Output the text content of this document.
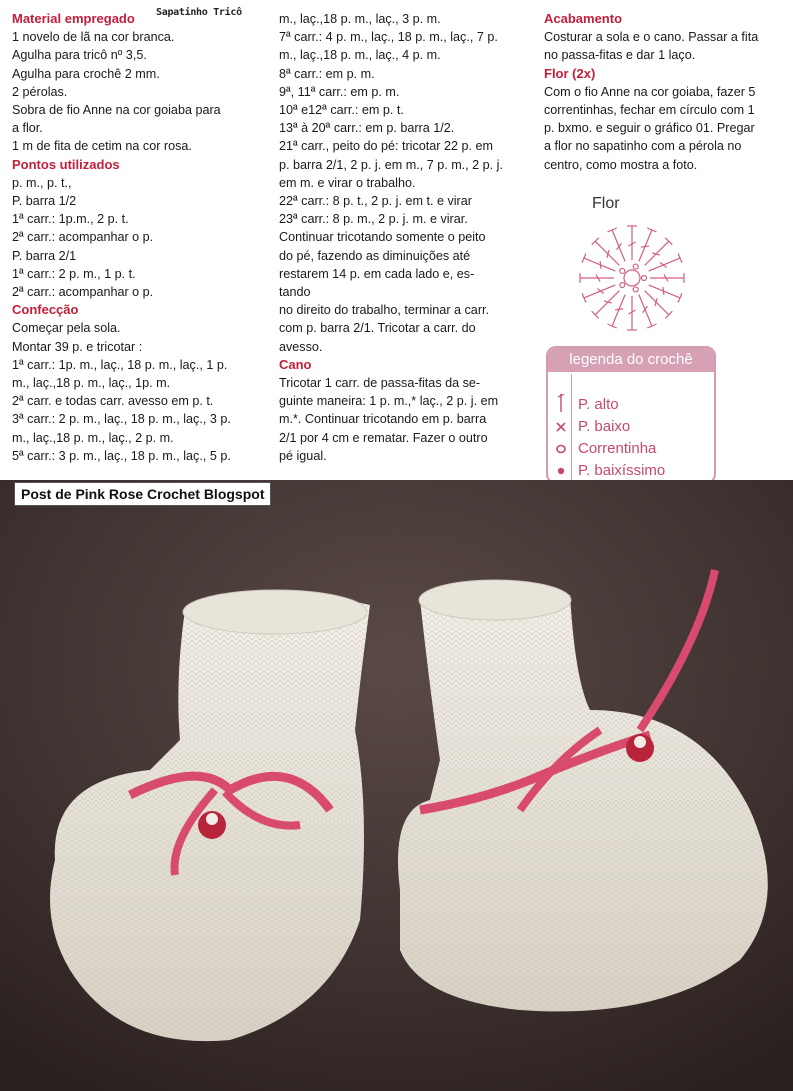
Sapatinho Tricô
Material empregado
1 novelo de lã na cor branca.
Agulha para tricô nº 3,5.
Agulha para crochê 2 mm.
2 pérolas.
Sobra de fio Anne na cor goiaba para
a flor.
1 m de fita de cetim na cor rosa.
Pontos utilizados
p. m., p. t.,
P. barra 1/2
1ª carr.: 1p.m., 2 p. t.
2ª carr.: acompanhar o p.
P. barra 2/1
1ª carr.: 2 p. m., 1 p. t.
2ª carr.: acompanhar o p.
Confecção
Começar pela sola.
Montar 39 p. e tricotar :
1ª carr.: 1p. m., laç., 18 p. m., laç., 1 p.
m., laç.,18 p. m., laç., 1p. m.
2ª carr. e todas carr. avesso em p. t.
3ª carr.: 2 p. m., laç., 18 p. m., laç., 3 p.
m., laç.,18 p. m., laç., 2 p. m.
5ª carr.: 3 p. m., laç., 18 p. m., laç., 5 p.
m., laç.,18 p. m., laç., 3 p. m.
7ª carr.: 4 p. m., laç., 18 p. m., laç., 7 p.
m., laç.,18 p. m., laç., 4 p. m.
8ª carr.: em p. m.
9ª, 11ª carr.: em p. m.
10ª e12ª carr.: em p. t.
13ª à 20ª carr.: em p. barra 1/2.
21ª carr., peito do pé: tricotar 22 p. em
p. barra 2/1, 2 p. j. em m., 7 p. m., 2 p. j.
em m. e virar o trabalho.
22ª carr.: 8 p. t., 2 p. j. em t. e virar
23ª carr.: 8 p. m., 2 p. j. m. e virar.
Continuar tricotando somente o peito
do pé, fazendo as diminuições até
restarem 14 p. em cada lado e, es-
tando
no direito do trabalho, terminar a carr.
com p. barra 2/1. Tricotar a carr. do
avesso.
Cano
Tricotar 1 carr. de passa-fitas da se-
guinte maneira: 1 p. m.,* laç., 2 p. j. em
m.*. Continuar tricotando em p. barra
2/1 por 4 cm e rematar. Fazer o outro
pé igual.
Acabamento
Costurar a sola e o cano. Passar a fita
no passa-fitas e dar 1 laço.
Flor (2x)
Com o fio Anne na cor goiaba, fazer 5
correntinhas, fechar em círculo com 1
p. bxmo. e seguir o gráfico 01. Pregar
a flor no sapatinho com a pérola no
centro, como mostra a foto.
Flor
legenda do crochê
P. alto
P. baixo
Correntinha
P. baixíssimo
Post de Pink Rose Crochet Blogspot
